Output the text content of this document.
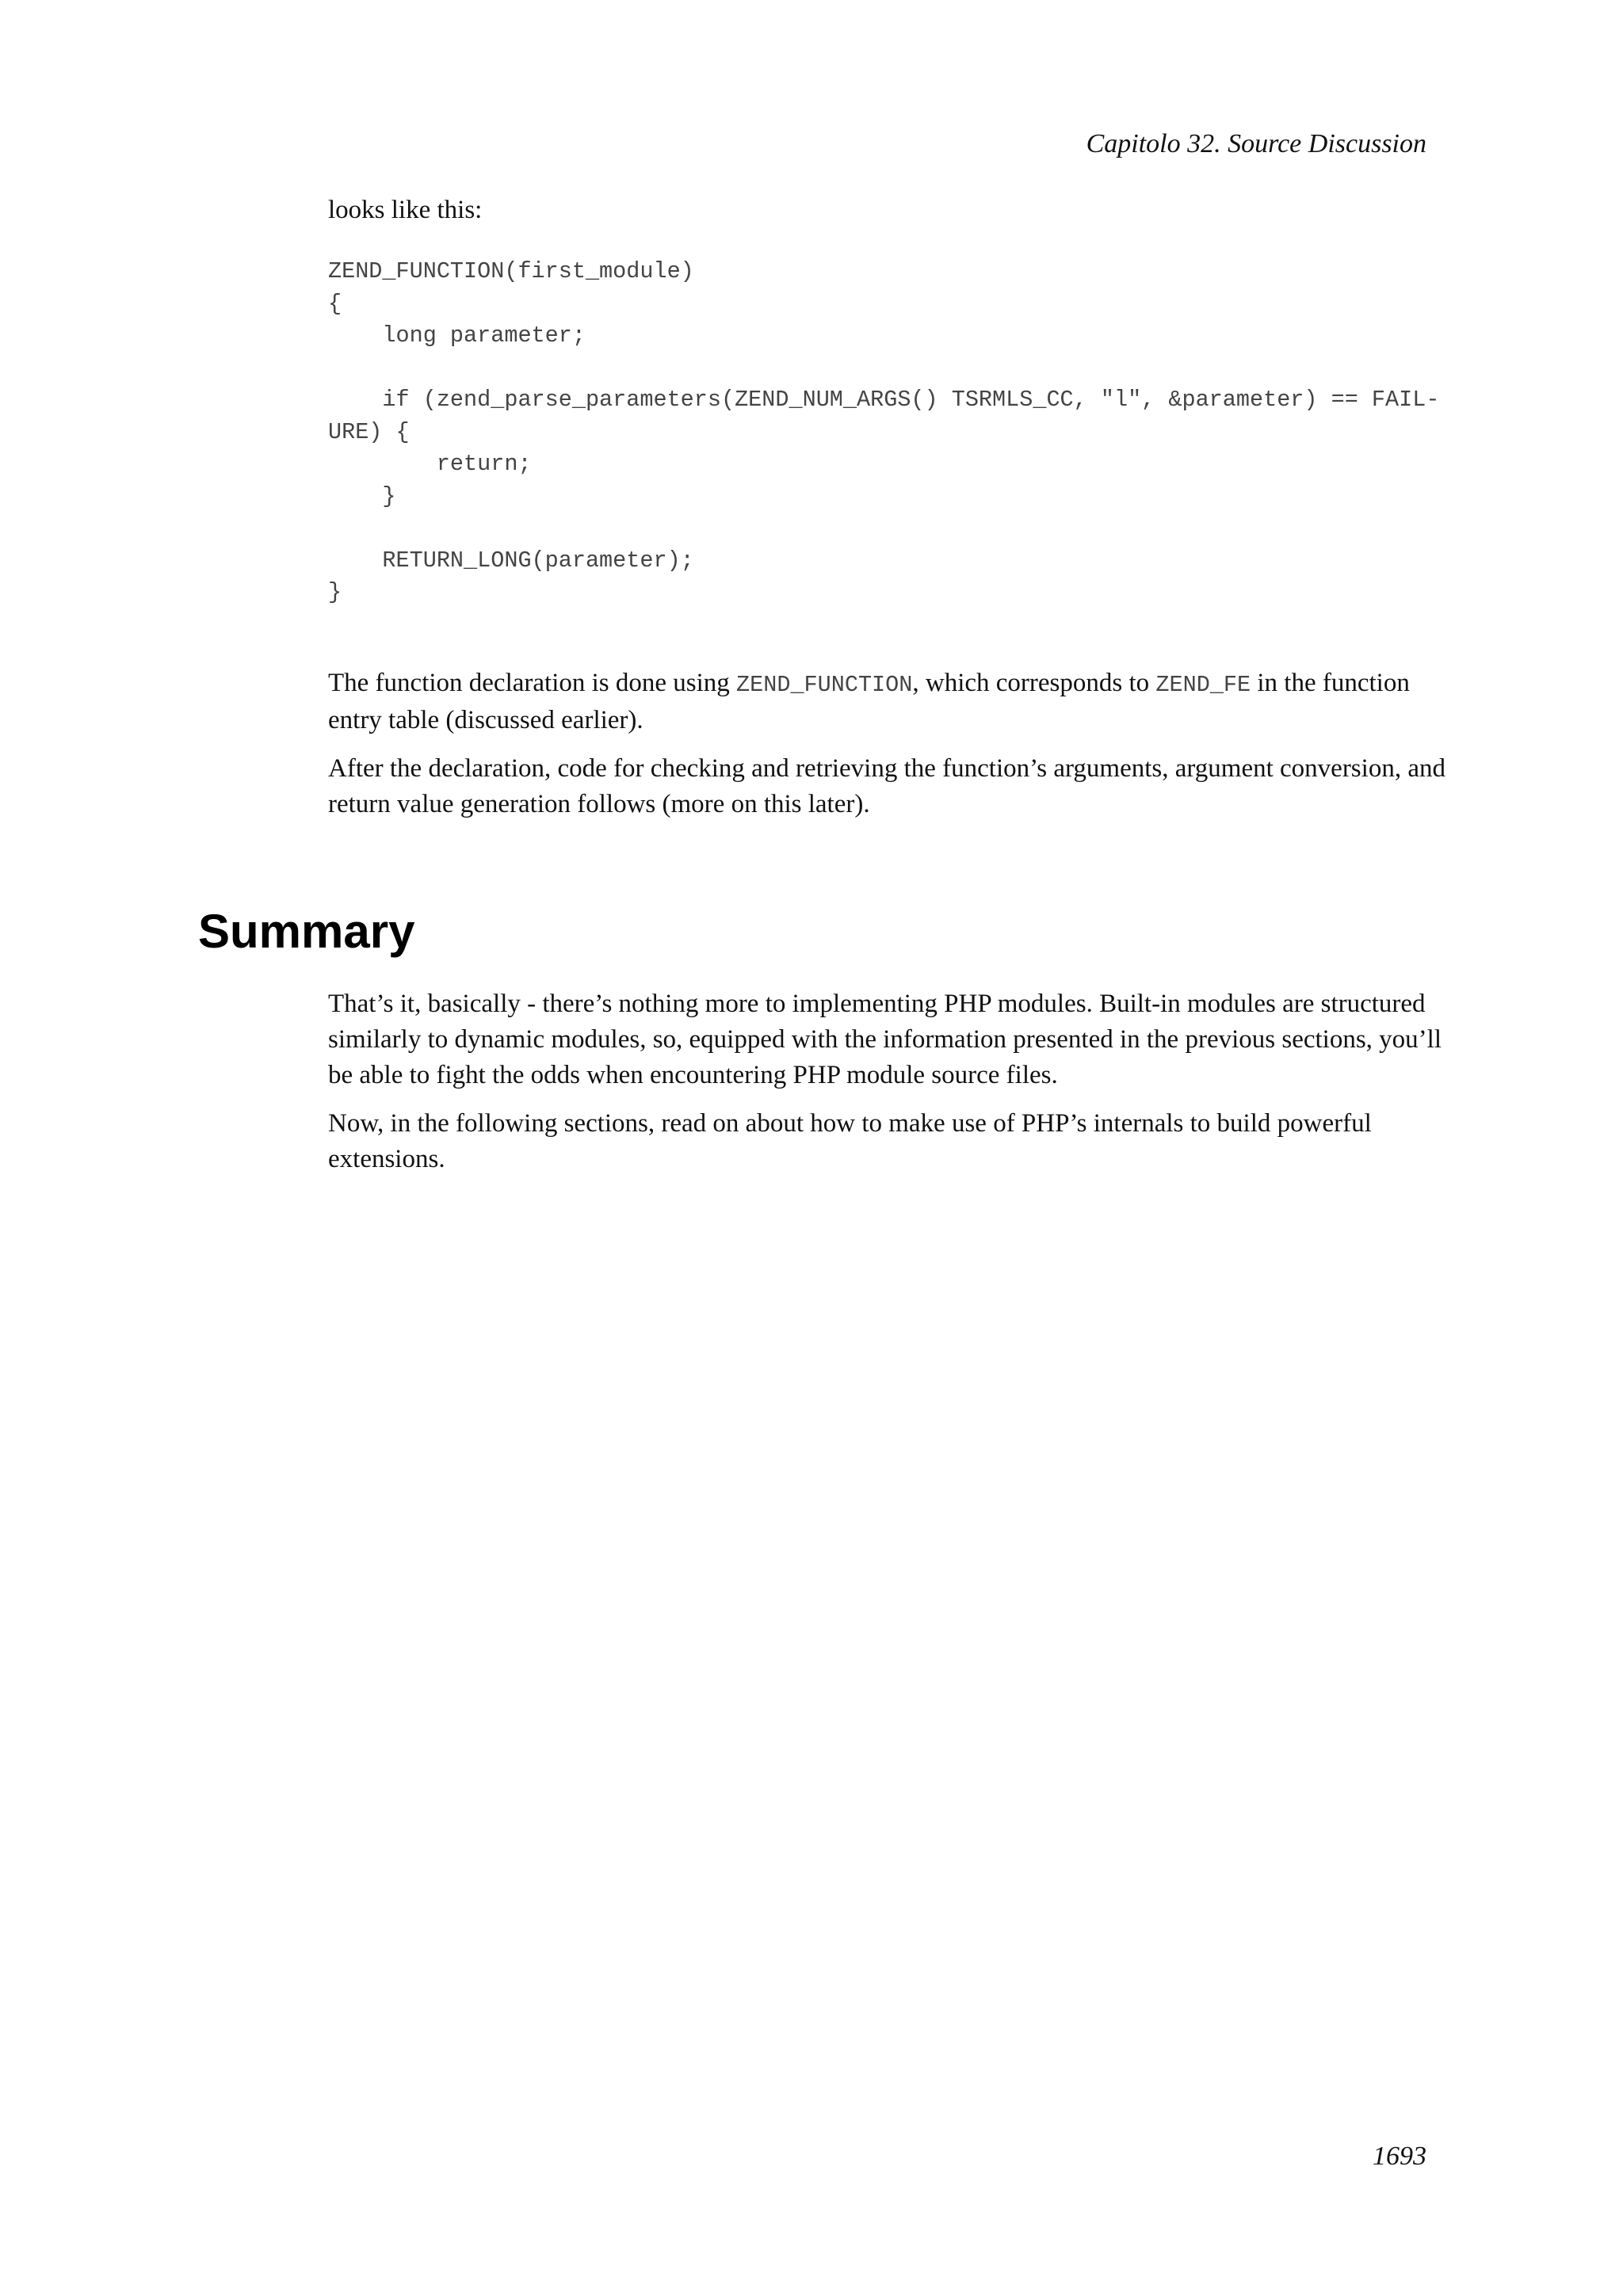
Capitolo 32. Source Discussion

looks like this:

ZEND_FUNCTION(first_module)
{
long parameter;

if (zend_parse_parameters(ZEND_NUM_ARGS() TSRMLS_CC, "l", &parameter) == FAIL-
URE) {
return;
}

RETURN_LONG(parameter);
}

The function declaration is done using ZEND_FUNCTION, which corresponds to ZEND_FE in the function entry table (discussed earlier).

After the declaration, code for checking and retrieving the function’s arguments, argument conversion, and return value generation follows (more on this later).

Summary

That’s it, basically - there’s nothing more to implementing PHP modules. Built-in modules are structured similarly to dynamic modules, so, equipped with the information presented in the previous sections, you’ll be able to fight the odds when encountering PHP module source files.

Now, in the following sections, read on about how to make use of PHP’s internals to build powerful extensions.

1693
